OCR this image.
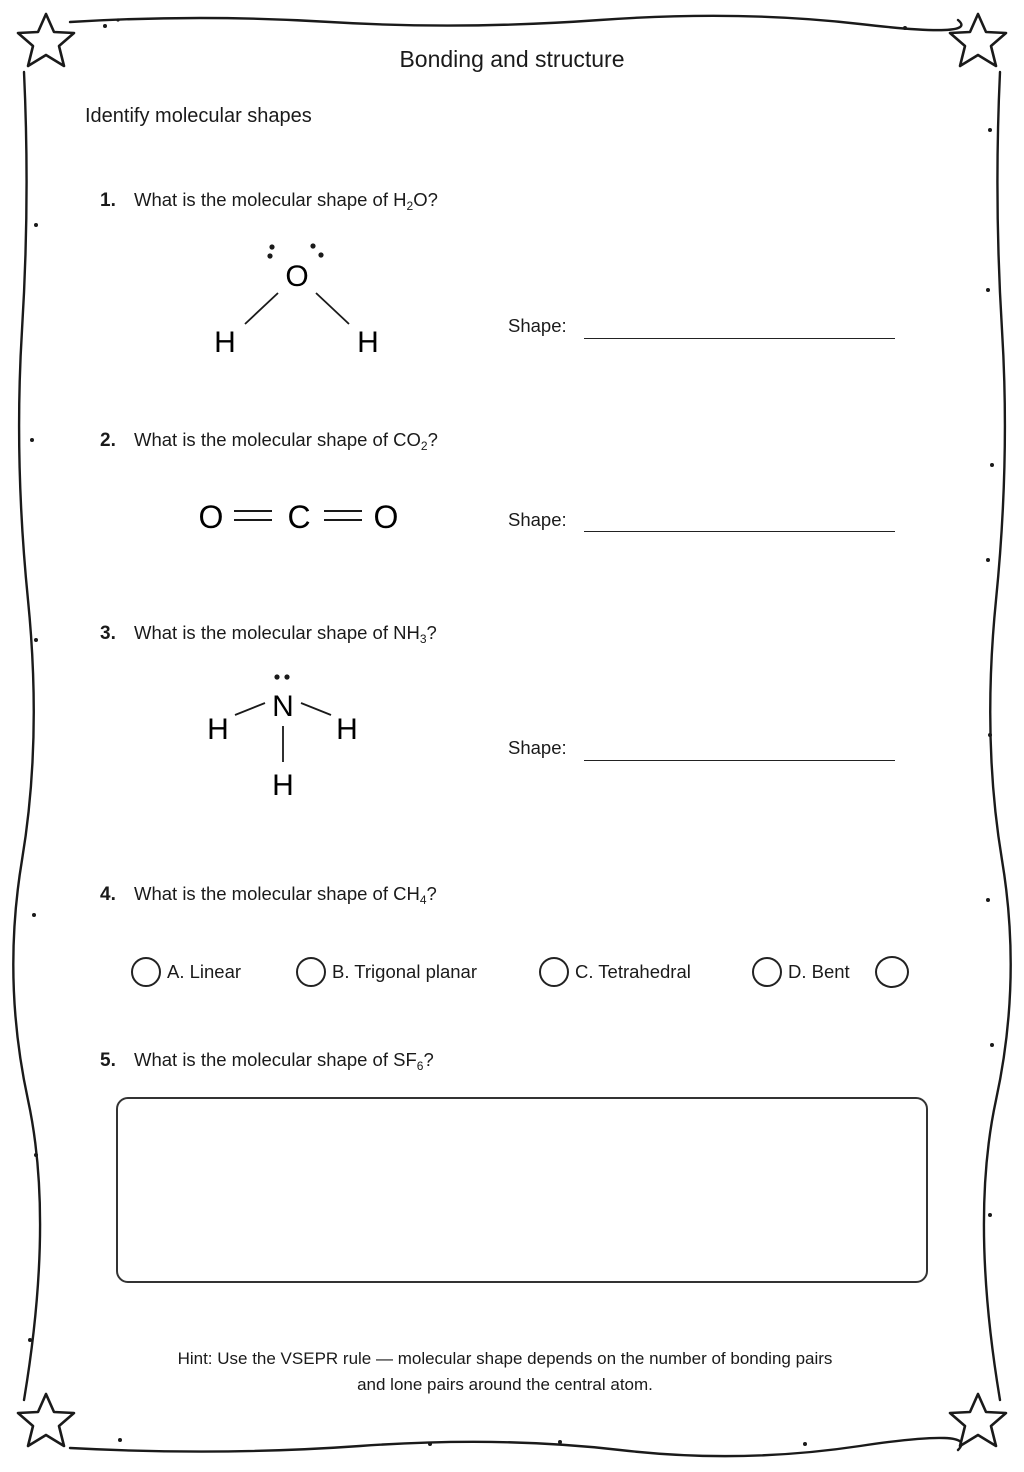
Bonding and structure
Identify molecular shapes
1. What is the molecular shape of $H_2O$?
O
H	H
Shape:
2. What is the molecular shape of $CO_2$?
O C O	Shape:
3. What is the molecular shape of $NH_3$?
N
H	H
H
Shape:
4. What is the molecular shape of $CH_4$?
A. Linear	B. Trigonal planar	C. Tetrahedral	D. Bent
5. What is the molecular shape of $SF_6$?
Hint: Use the VSEPR rule — molecular shape depends on the number of bonding pairs
and lone pairs around the central atom.
